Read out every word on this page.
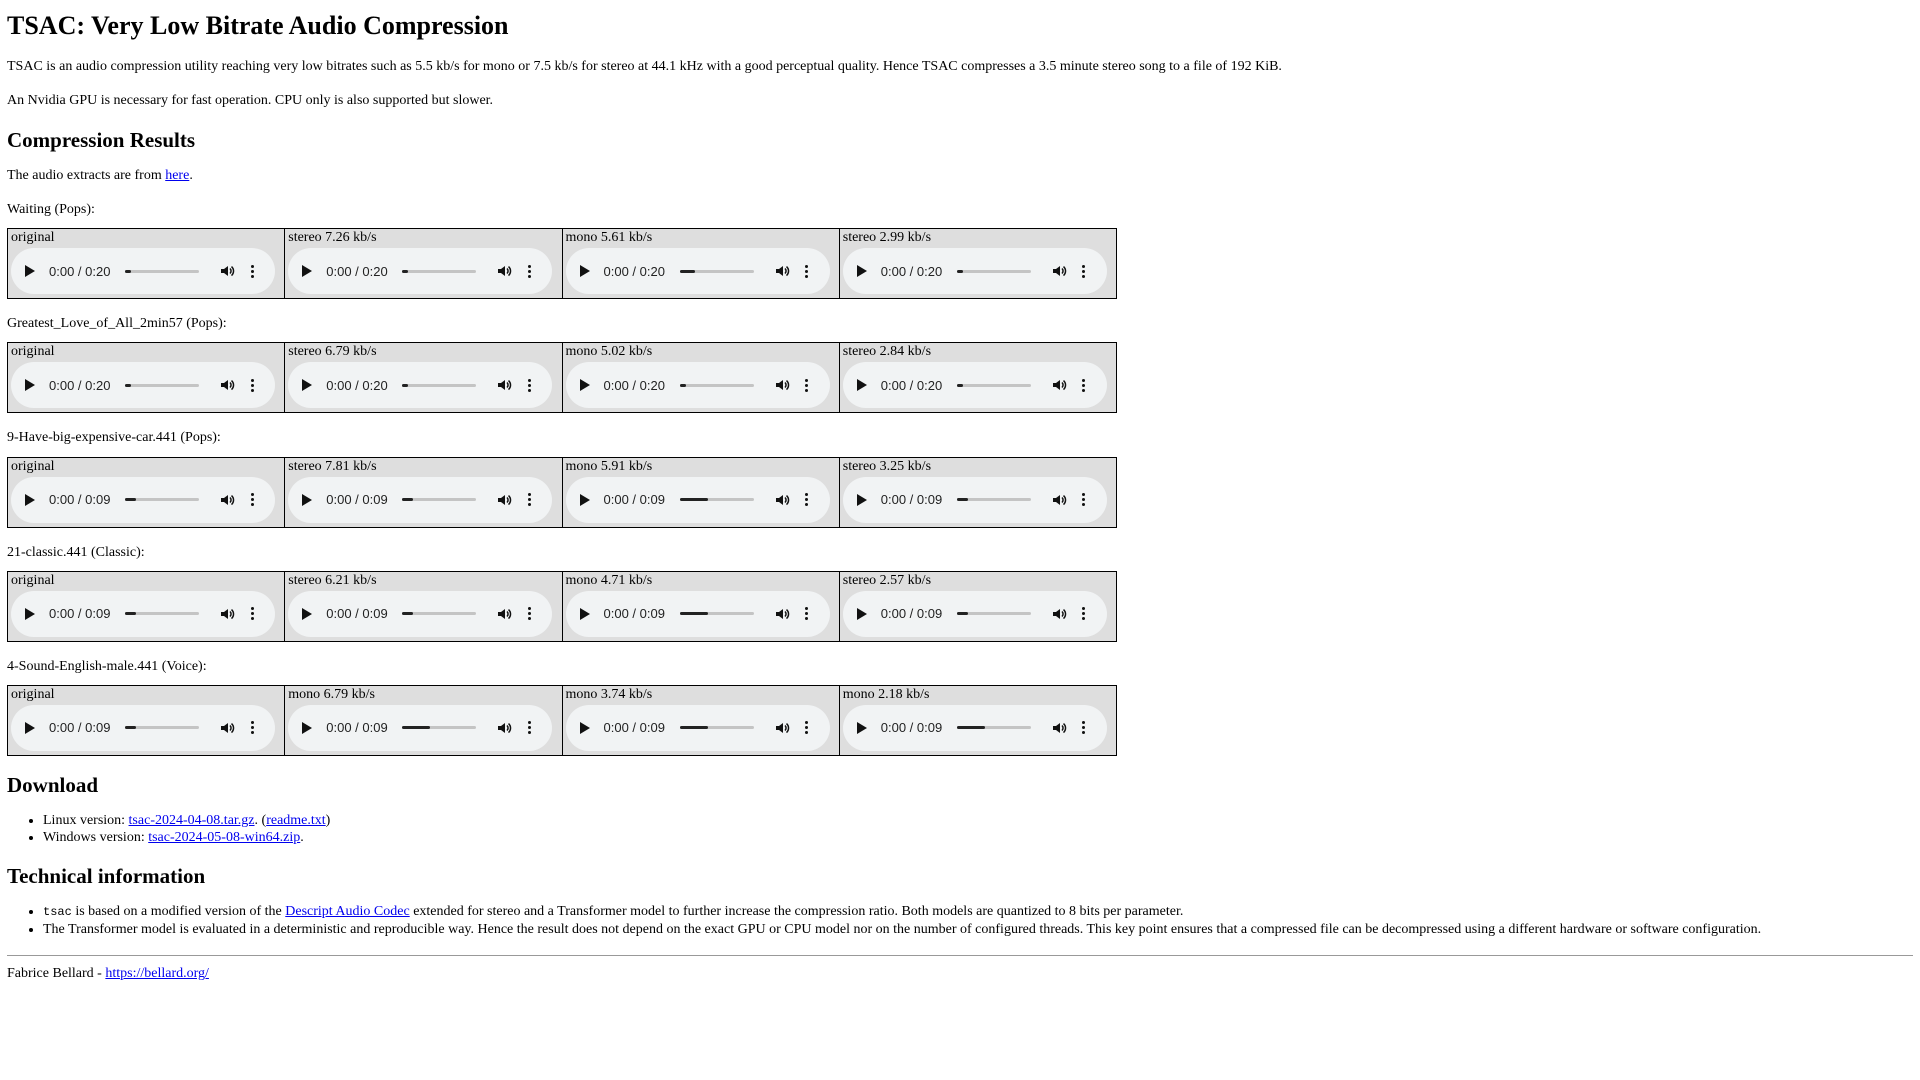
TSAC: Very Low Bitrate Audio Compression

TSAC is an audio compression utility reaching very low bitrates such as 5.5 kb/s for mono or 7.5 kb/s for stereo at 44.1 kHz with a good perceptual quality. Hence TSAC compresses a 3.5 minute stereo song to a file of 192 KiB.

An Nvidia GPU is necessary for fast operation. CPU only is also supported but slower.

Compression Results

The audio extracts are from here.

Waiting (Pops):
original
0:00 / 0:20

stereo 7.26 kb/s
0:00 / 0:20

mono 5.61 kb/s
0:00 / 0:20

stereo 2.99 kb/s
0:00 / 0:20
Greatest_Love_of_All_2min57 (Pops):
original
0:00 / 0:20

stereo 6.79 kb/s
0:00 / 0:20

mono 5.02 kb/s
0:00 / 0:20

stereo 2.84 kb/s
0:00 / 0:20
9-Have-big-expensive-car.441 (Pops):
original
0:00 / 0:09

stereo 7.81 kb/s
0:00 / 0:09

mono 5.91 kb/s
0:00 / 0:09

stereo 3.25 kb/s
0:00 / 0:09
21-classic.441 (Classic):
original
0:00 / 0:09

stereo 6.21 kb/s
0:00 / 0:09

mono 4.71 kb/s
0:00 / 0:09

stereo 2.57 kb/s
0:00 / 0:09
4-Sound-English-male.441 (Voice):
original
0:00 / 0:09

mono 6.79 kb/s
0:00 / 0:09

mono 3.74 kb/s
0:00 / 0:09

mono 2.18 kb/s
0:00 / 0:09
Download
• Linux version: tsac-2024-04-08.tar.gz. (readme.txt)
• Windows version: tsac-2024-05-08-win64.zip.
Technical information
• tsac is based on a modified version of the Descript Audio Codec extended for stereo and a Transformer model to further increase the compression ratio. Both models are quantized to 8 bits per parameter.
• The Transformer model is evaluated in a deterministic and reproducible way. Hence the result does not depend on the exact GPU or CPU model nor on the number of configured threads. This key point ensures that a compressed file can be decompressed using a different hardware or software configuration.
Fabrice Bellard - https://bellard.org/
